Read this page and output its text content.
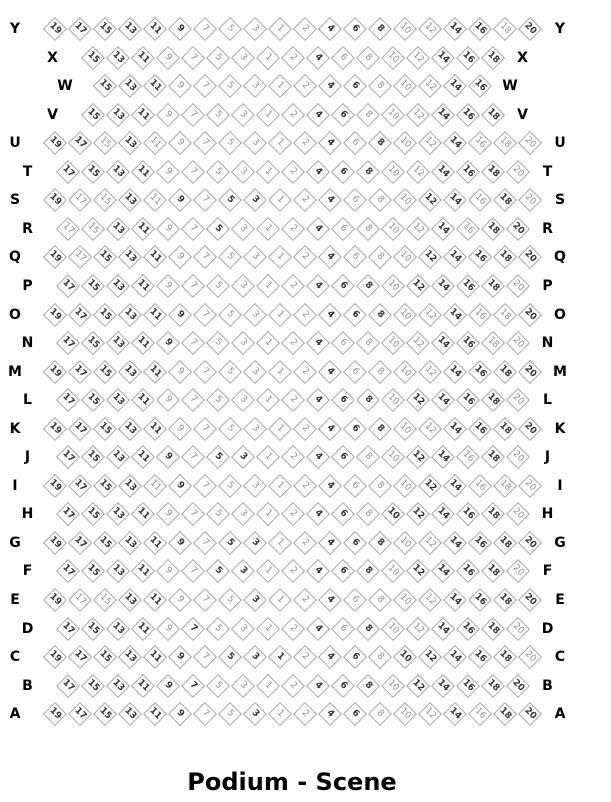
Podium - Scene
Y	19	17	15	13	11	9	7	5	3	1	2	4	6	8	10	12	14	16	18	20 Y
X	15	13	11	9	7	5	3	1	2	4	6	8	10	12	14	16	18 X
W	15	13	11	9	7	5	3	1	2	4	6	8	10	12	14	16 W
V	15	13	11	9	7	5	3	1	2	4	6	8	10	12	14	16	18 V
U	19	17	15	13	11	9	7	5	3	1	2	4	6	8	10	12	14	16	18	20 U
T	17	15	13	11	9	7	5	3	1	2	4	6	8	10	12	14	16	18	20 T
S	19	17	15	13	11	9	7	5	3	1	2	4	6	8	10	12	14	16	18	20 S
R	17	15	13	11	9	7	5	3	1	2	4	6	8	10	12	14	16	18	20 R
Q	19	17	15	13	11	9	7	5	3	1	2	4	6	8	10	12	14	16	18	20 Q
P	17	15	13	11	9	7	5	3	1	2	4	6	8	10	12	14	16	18	20 P
O	19	17	15	13	11	9	7	5	3	1	2	4	6	8	10	12	14	16	18	20 O
N	17	15	13	11	9	7	5	3	1	2	4	6	8	10	12	14	16	18	20 N
M	19	17	15	13	11	9	7	5	3	1	2	4	6	8	10	12	14	16	18	20 M
L	17	15	13	11	9	7	5	3	1	2	4	6	8	10	12	14	16	18	20 L
K	19	17	15	13	11	9	7	5	3	1	2	4	6	8	10	12	14	16	18	20 K
J	17	15	13	11	9	7	5	3	1	2	4	6	8	10	12	14	16	18	20 J
I	19	17	15	13	11	9	7	5	3	1	2	4	6	8	10	12	14	16	18	20 I
H	17	15	13	11	9	7	5	3	1	2	4	6	8	10	12	14	16	18	20 H
G	19	17	15	13	11	9	7	5	3	1	2	4	6	8	10	12	14	16	18	20 G
F	17	15	13	11	9	7	5	3	1	2	4	6	8	10	12	14	16	18	20 F
E	19	17	15	13	11	9	7	5	3	1	2	4	6	8	10	12	14	16	18	20 E
D	17	15	13	11	9	7	5	3	1	2	4	6	8	10	12	14	16	18	20 D
C	19	17	15	13	11	9	7	5	3	1	2	4	6	8	10	12	14	16	18	20 C
B	17	15	13	11	9	7	5	3	1	2	4	6	8	10	12	14	16	18	20 B
A	19	17	15	13	11	9	7	5	3	1	2	4	6	8	10	12	14	16	18	20 A
